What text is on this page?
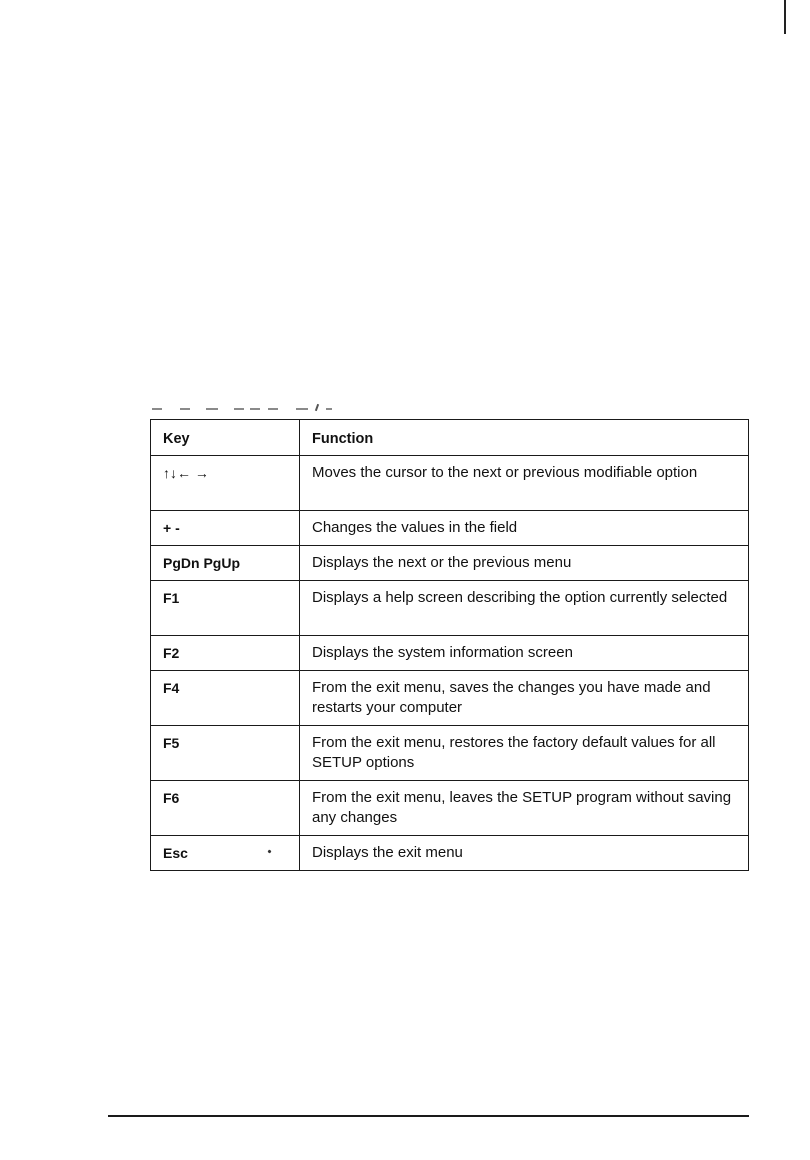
Key	Function
↑↓← →	Moves the cursor to the next or previous modifiable option
+ -	Changes the values in the field
PgDn PgUp	Displays the next or the previous menu
F1	Displays a help screen describing the option currently selected
F2	Displays the system information screen
F4	From the exit menu, saves the changes you have made and restarts your computer
F5	From the exit menu, restores the factory default values for all SETUP options
F6	From the exit menu, leaves the SETUP program without saving any changes
Esc	Displays the exit menu
